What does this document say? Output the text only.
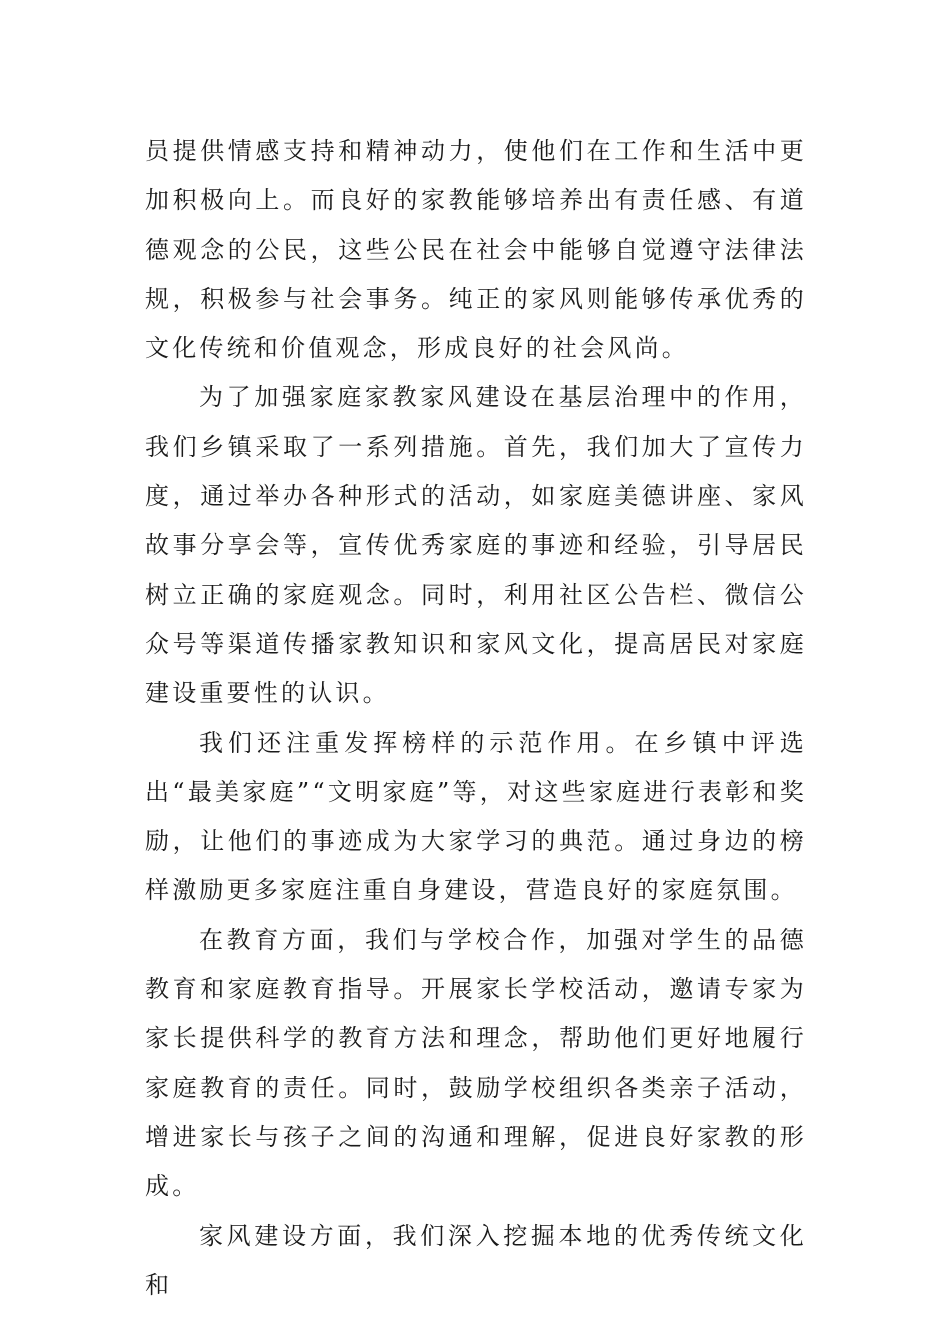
员提供情感支持和精神动力，使他们在工作和生活中更加积极向上。而良好的家教能够培养出有责任感、有道德观念的公民，这些公民在社会中能够自觉遵守法律法规，积极参与社会事务。纯正的家风则能够传承优秀的文化传统和价值观念，形成良好的社会风尚。

为了加强家庭家教家风建设在基层治理中的作用，我们乡镇采取了一系列措施。首先，我们加大了宣传力度，通过举办各种形式的活动，如家庭美德讲座、家风故事分享会等，宣传优秀家庭的事迹和经验，引导居民树立正确的家庭观念。同时，利用社区公告栏、微信公众号等渠道传播家教知识和家风文化，提高居民对家庭建设重要性的认识。

我们还注重发挥榜样的示范作用。在乡镇中评选出“最美家庭”“文明家庭”等，对这些家庭进行表彰和奖励，让他们的事迹成为大家学习的典范。通过身边的榜样激励更多家庭注重自身建设，营造良好的家庭氛围。

在教育方面，我们与学校合作，加强对学生的品德教育和家庭教育指导。开展家长学校活动，邀请专家为家长提供科学的教育方法和理念，帮助他们更好地履行家庭教育的责任。同时，鼓励学校组织各类亲子活动，增进家长与孩子之间的沟通和理解，促进良好家教的形成。

家风建设方面，我们深入挖掘本地的优秀传统文化和
